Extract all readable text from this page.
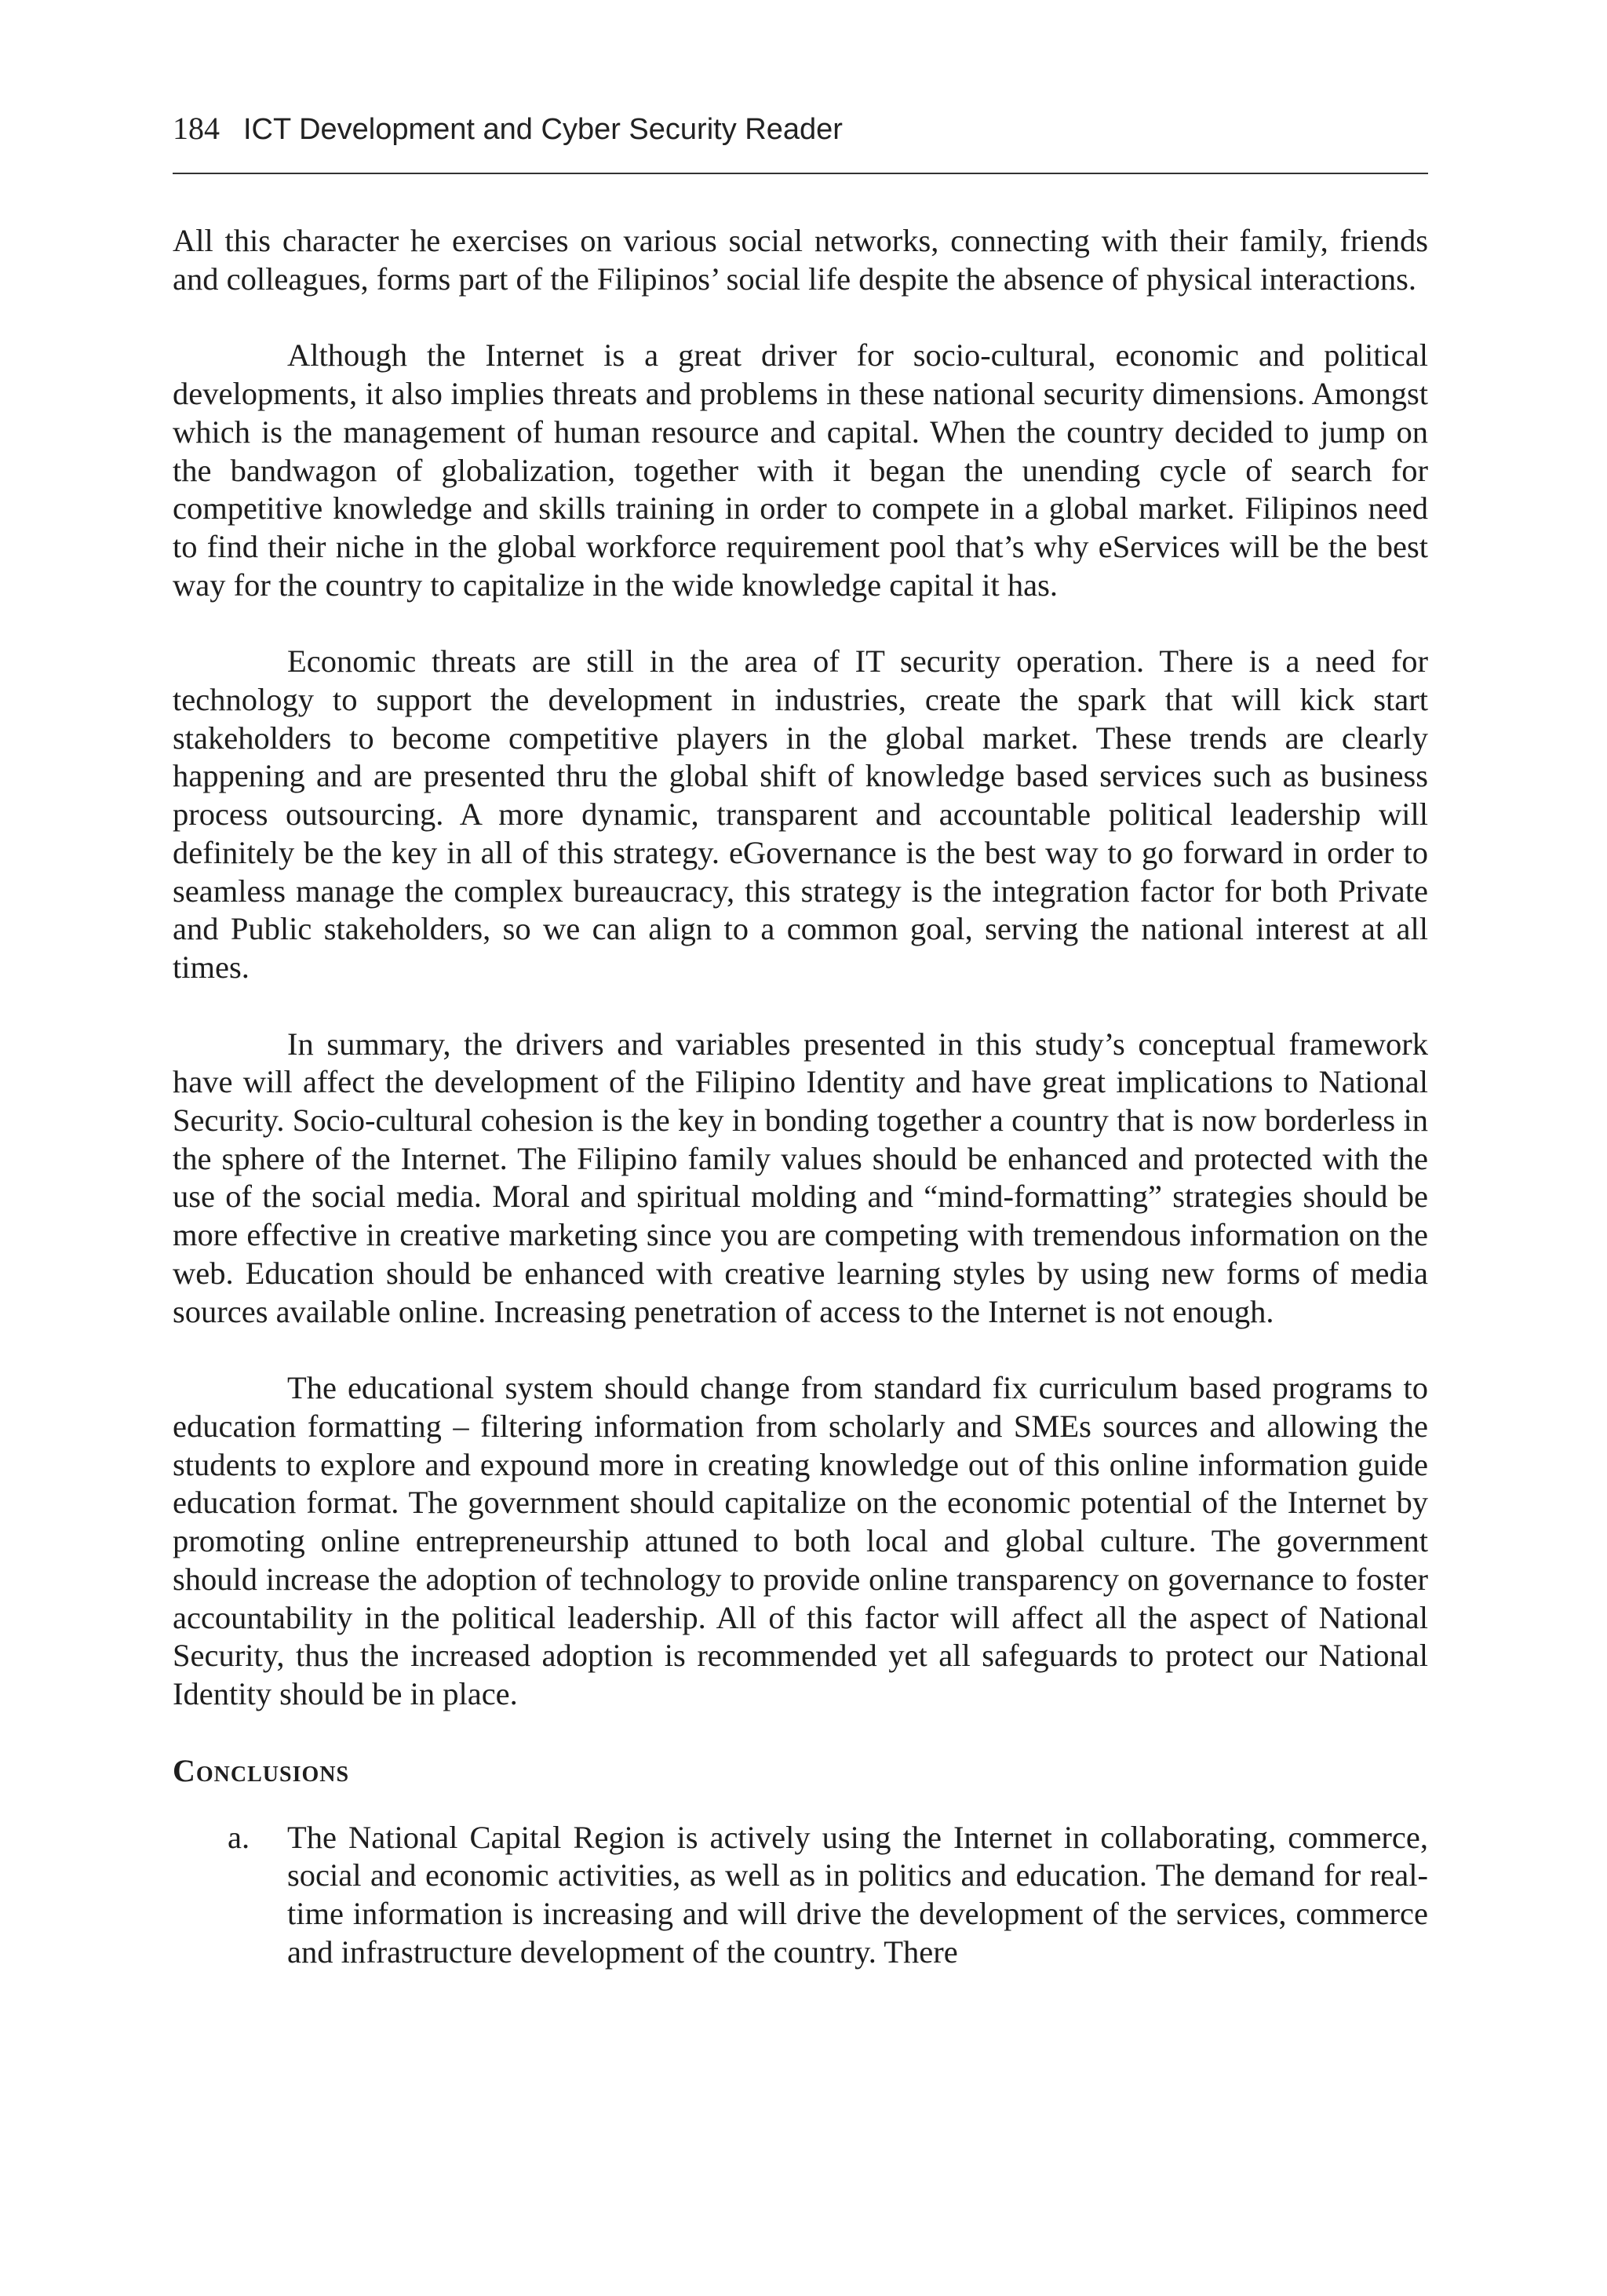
184 ICT Development and Cyber Security Reader

All this character he exercises on various social networks, connecting with their family, friends and colleagues, forms part of the Filipinos’ social life despite the absence of physical interactions.

Although the Internet is a great driver for socio-cultural, economic and political developments, it also implies threats and problems in these national security dimensions. Amongst which is the management of human resource and capital. When the country decided to jump on the bandwagon of globalization, together with it began the unending cycle of search for competitive knowledge and skills training in order to compete in a global market. Filipinos need to find their niche in the global workforce requirement pool that’s why eServices will be the best way for the country to capitalize in the wide knowledge capital it has.

Economic threats are still in the area of IT security operation. There is a need for technology to support the development in industries, create the spark that will kick start stakeholders to become competitive players in the global market. These trends are clearly happening and are presented thru the global shift of knowledge based services such as business process outsourcing. A more dynamic, transparent and accountable political leadership will definitely be the key in all of this strategy. eGovernance is the best way to go forward in order to seamless manage the complex bureaucracy, this strategy is the integration factor for both Private and Public stakeholders, so we can align to a common goal, serving the national interest at all times.

In summary, the drivers and variables presented in this study’s conceptual framework have will affect the development of the Filipino Identity and have great implications to National Security. Socio-cultural cohesion is the key in bonding together a country that is now borderless in the sphere of the Internet. The Filipino family values should be enhanced and protected with the use of the social media. Moral and spiritual molding and “mind-formatting” strategies should be more effective in creative marketing since you are competing with tremendous information on the web. Education should be enhanced with creative learning styles by using new forms of media sources available online. Increasing penetration of access to the Internet is not enough.

The educational system should change from standard fix curriculum based programs to education formatting – filtering information from scholarly and SMEs sources and allowing the students to explore and expound more in creating knowledge out of this online information guide education format. The government should capitalize on the economic potential of the Internet by promoting online entrepreneurship attuned to both local and global culture. The government should increase the adoption of technology to provide online transparency on governance to foster accountability in the political leadership. All of this factor will affect all the aspect of National Security, thus the increased adoption is recommended yet all safeguards to protect our National Identity should be in place.

Conclusions
a. The National Capital Region is actively using the Internet in collaborating, commerce, social and economic activities, as well as in politics and education. The demand for real-time information is increasing and will drive the development of the services, commerce and infrastructure development of the country. There
